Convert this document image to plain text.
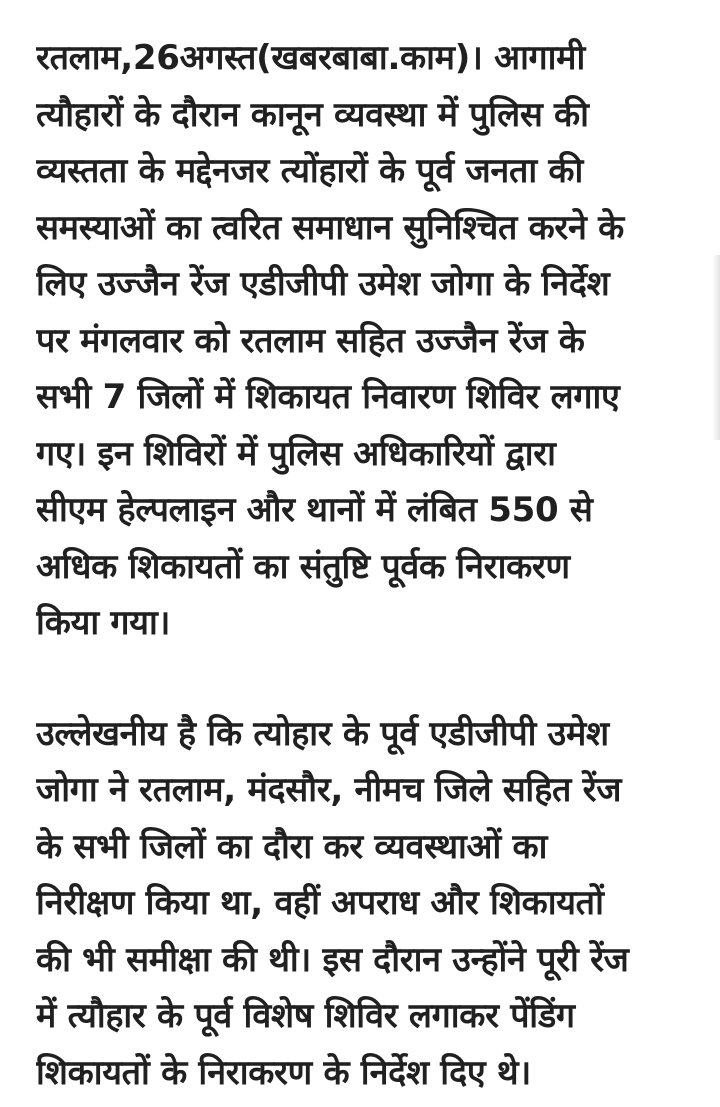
रतलाम,26अगस्त(खबरबाबा.काम)। आगामी
त्यौहारों के दौरान कानून व्यवस्था में पुलिस की
व्यस्तता के मद्देनजर त्योंहारों के पूर्व जनता की
समस्याओं का त्वरित समाधान सुनिश्चित करने के
लिए उज्जैन रेंज एडीजीपी उमेश जोगा के निर्देश
पर मंगलवार को रतलाम सहित उज्जैन रेंज के
सभी 7 जिलों में शिकायत निवारण शिविर लगाए
गए। इन शिविरों में पुलिस अधिकारियों द्वारा
सीएम हेल्पलाइन और थानों में लंबित 550 से
अधिक शिकायतों का संतुष्टि पूर्वक निराकरण
किया गया।
उल्लेखनीय है कि त्योहार के पूर्व एडीजीपी उमेश
जोगा ने रतलाम, मंदसौर, नीमच जिले सहित रेंज
के सभी जिलों का दौरा कर व्यवस्थाओं का
निरीक्षण किया था, वहीं अपराध और शिकायतों
की भी समीक्षा की थी। इस दौरान उन्होंने पूरी रेंज
में त्यौहार के पूर्व विशेष शिविर लगाकर पेंडिंग
शिकायतों के निराकरण के निर्देश दिए थे।
